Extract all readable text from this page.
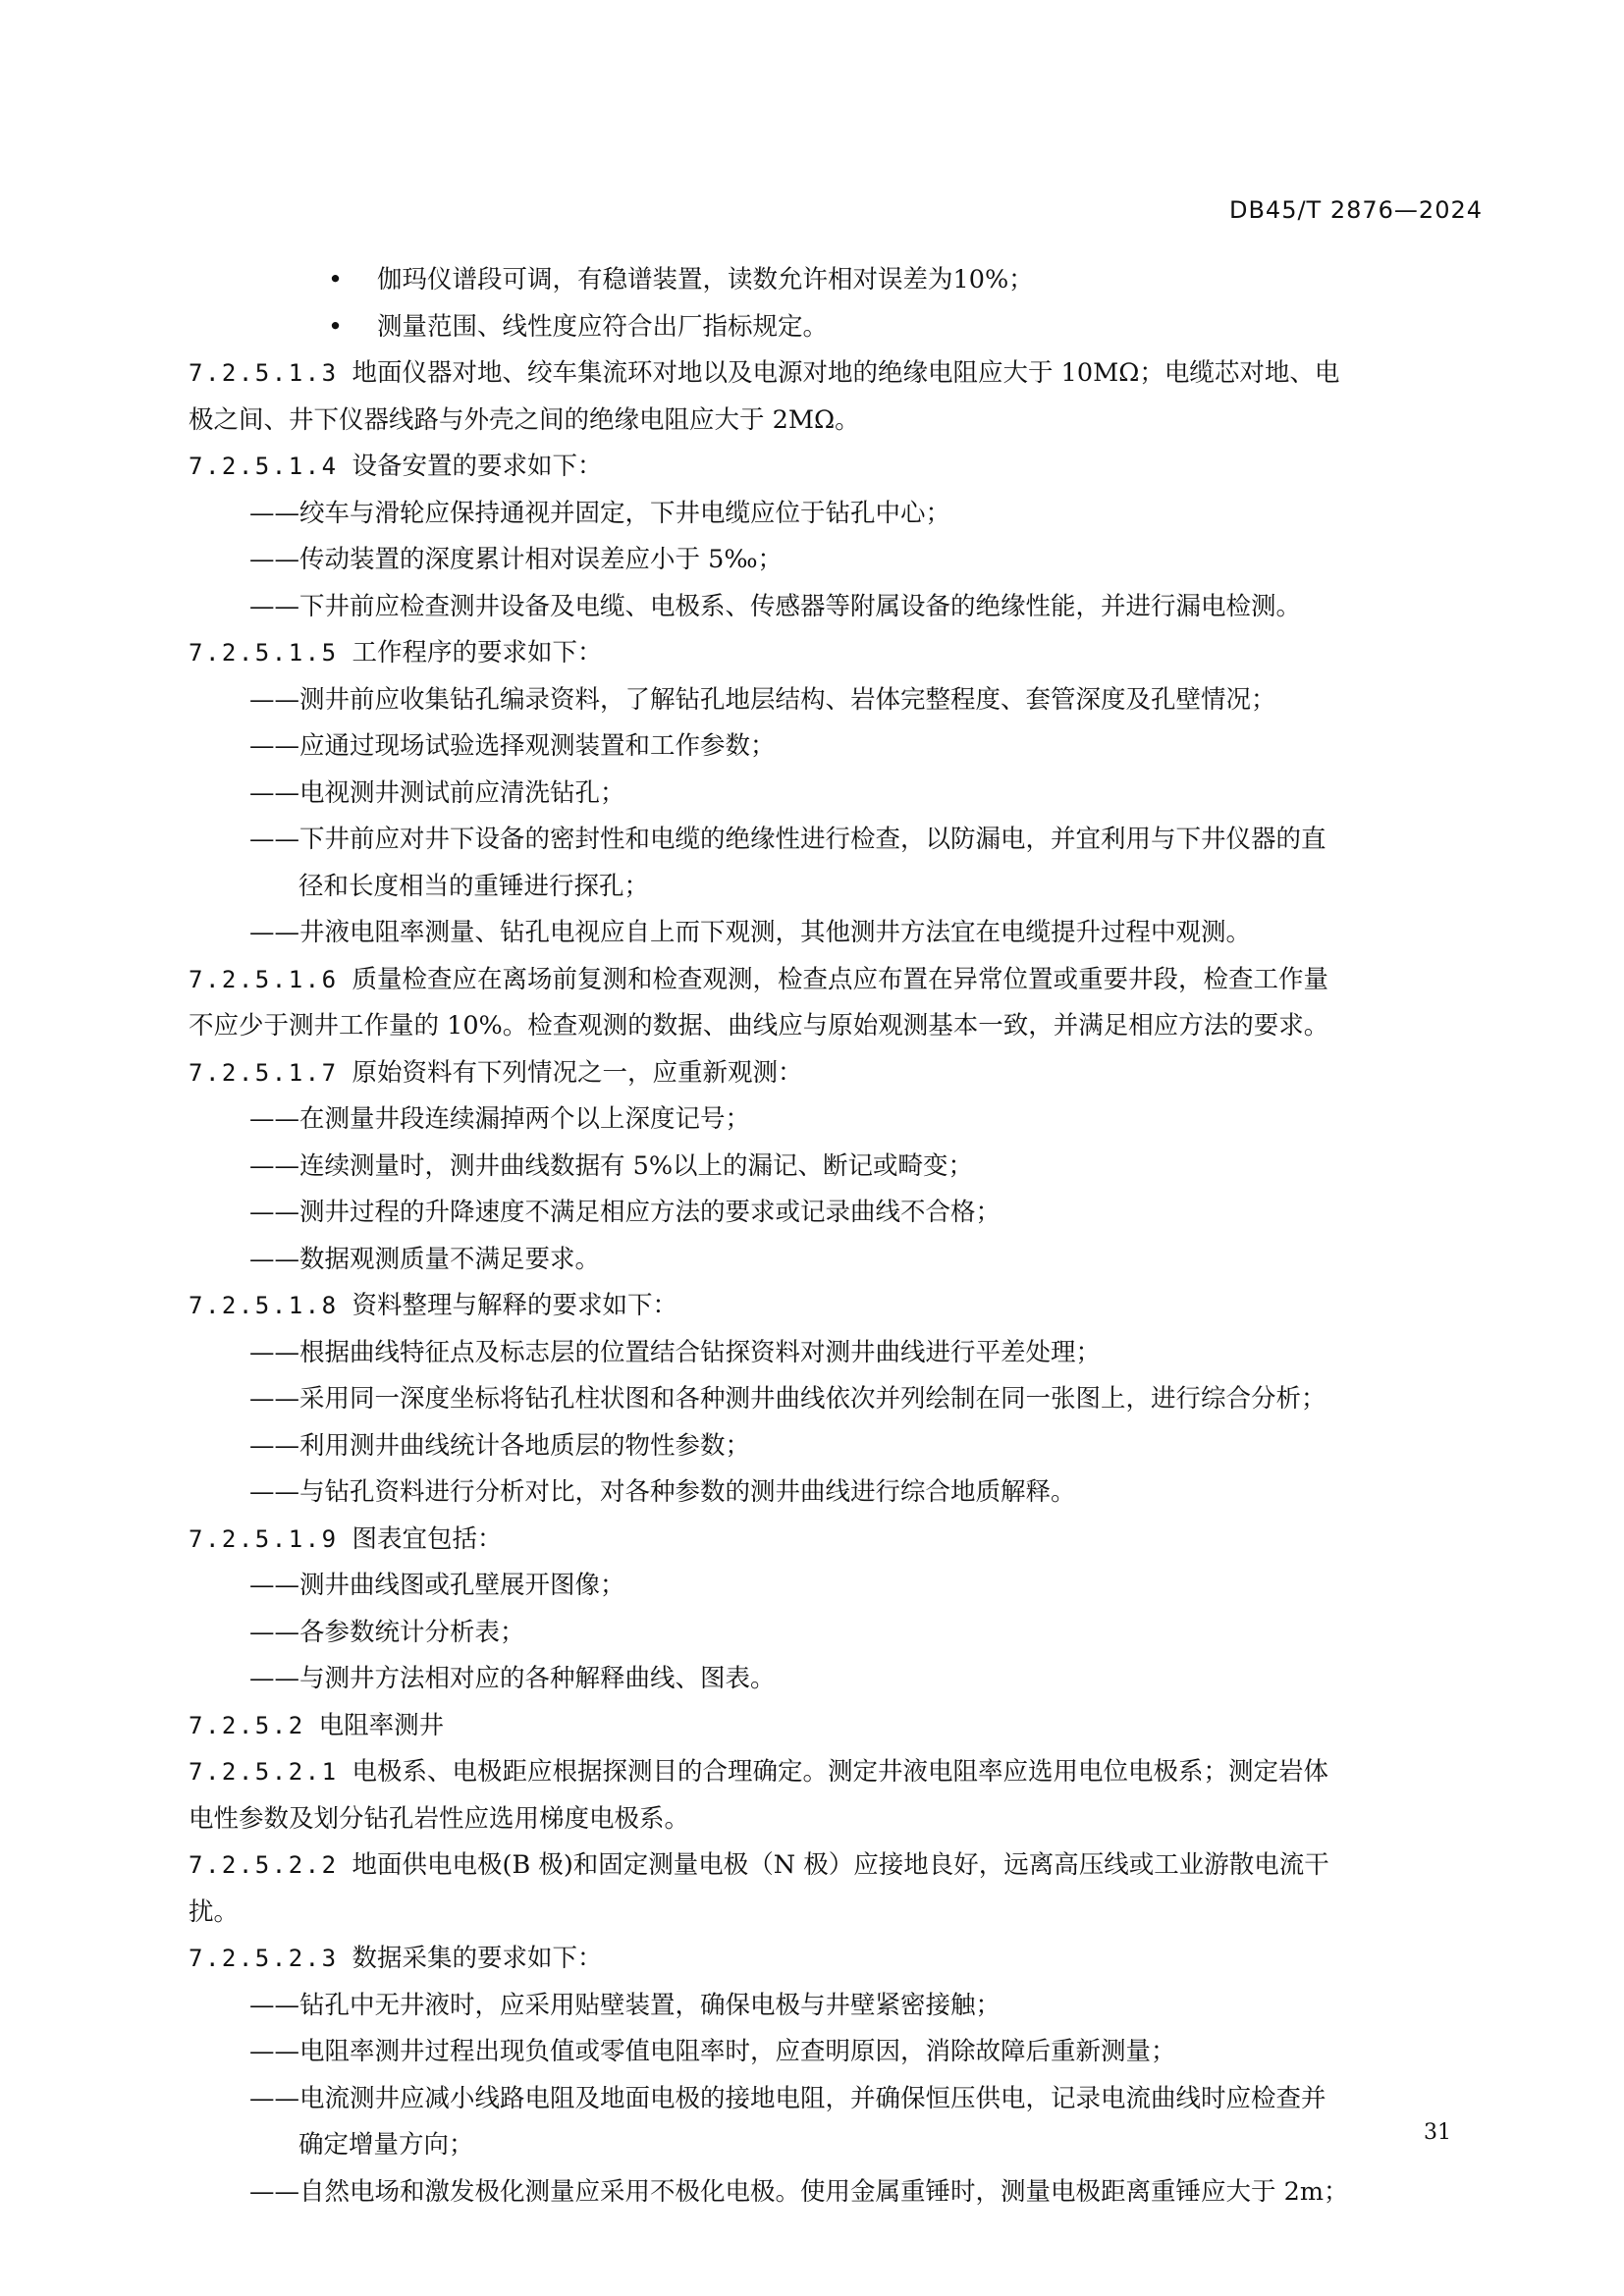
DB45/T 2876—2024
• 伽玛仪谱段可调，有稳谱装置，读数允许相对误差为10%；
• 测量范围、线性度应符合出厂指标规定。
7.2.5.1.3 地面仪器对地、绞车集流环对地以及电源对地的绝缘电阻应大于 10MΩ；电缆芯对地、电
极之间、井下仪器线路与外壳之间的绝缘电阻应大于 2MΩ。
7.2.5.1.4 设备安置的要求如下：
——绞车与滑轮应保持通视并固定，下井电缆应位于钻孔中心；
——传动装置的深度累计相对误差应小于 5‰；
——下井前应检查测井设备及电缆、电极系、传感器等附属设备的绝缘性能，并进行漏电检测。
7.2.5.1.5 工作程序的要求如下：
——测井前应收集钻孔编录资料，了解钻孔地层结构、岩体完整程度、套管深度及孔壁情况；
——应通过现场试验选择观测装置和工作参数；
——电视测井测试前应清洗钻孔；
——下井前应对井下设备的密封性和电缆的绝缘性进行检查，以防漏电，并宜利用与下井仪器的直
径和长度相当的重锤进行探孔；
——井液电阻率测量、钻孔电视应自上而下观测，其他测井方法宜在电缆提升过程中观测。
7.2.5.1.6 质量检查应在离场前复测和检查观测，检查点应布置在异常位置或重要井段，检查工作量
不应少于测井工作量的 10%。检查观测的数据、曲线应与原始观测基本一致，并满足相应方法的要求。
7.2.5.1.7 原始资料有下列情况之一，应重新观测：
——在测量井段连续漏掉两个以上深度记号；
——连续测量时，测井曲线数据有 5%以上的漏记、断记或畸变；
——测井过程的升降速度不满足相应方法的要求或记录曲线不合格；
——数据观测质量不满足要求。
7.2.5.1.8 资料整理与解释的要求如下：
——根据曲线特征点及标志层的位置结合钻探资料对测井曲线进行平差处理；
——采用同一深度坐标将钻孔柱状图和各种测井曲线依次并列绘制在同一张图上，进行综合分析；
——利用测井曲线统计各地质层的物性参数；
——与钻孔资料进行分析对比，对各种参数的测井曲线进行综合地质解释。
7.2.5.1.9 图表宜包括：
——测井曲线图或孔壁展开图像；
——各参数统计分析表；
——与测井方法相对应的各种解释曲线、图表。
7.2.5.2 电阻率测井
7.2.5.2.1 电极系、电极距应根据探测目的合理确定。测定井液电阻率应选用电位电极系；测定岩体
电性参数及划分钻孔岩性应选用梯度电极系。
7.2.5.2.2 地面供电电极(B 极)和固定测量电极（N 极）应接地良好，远离高压线或工业游散电流干
扰。
7.2.5.2.3 数据采集的要求如下：
——钻孔中无井液时，应采用贴壁装置，确保电极与井壁紧密接触；
——电阻率测井过程出现负值或零值电阻率时，应查明原因，消除故障后重新测量；
——电流测井应减小线路电阻及地面电极的接地电阻，并确保恒压供电，记录电流曲线时应检查并
确定增量方向；
——自然电场和激发极化测量应采用不极化电极。使用金属重锤时，测量电极距离重锤应大于 2m；
31
